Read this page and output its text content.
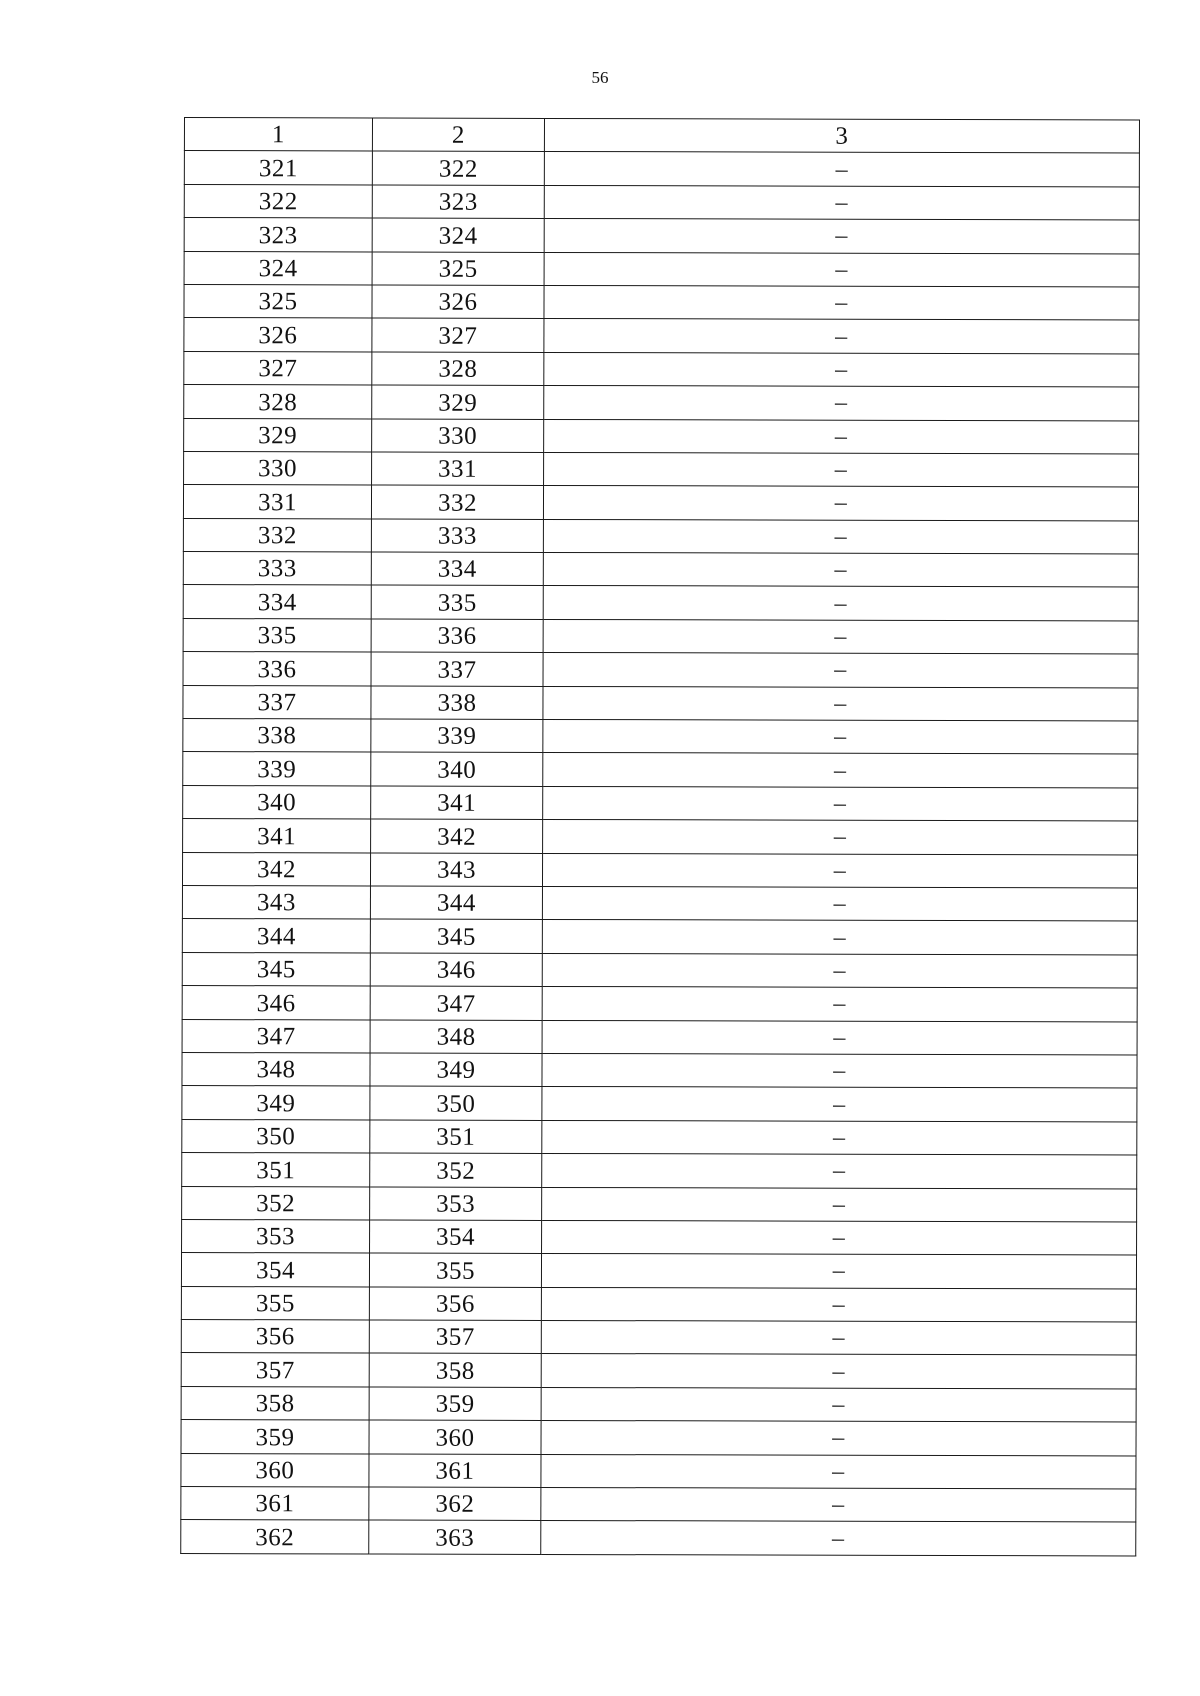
56
1	2	3
321	322	–
322	323	–
323	324	–
324	325	–
325	326	–
326	327	–
327	328	–
328	329	–
329	330	–
330	331	–
331	332	–
332	333	–
333	334	–
334	335	–
335	336	–
336	337	–
337	338	–
338	339	–
339	340	–
340	341	–
341	342	–
342	343	–
343	344	–
344	345	–
345	346	–
346	347	–
347	348	–
348	349	–
349	350	–
350	351	–
351	352	–
352	353	–
353	354	–
354	355	–
355	356	–
356	357	–
357	358	–
358	359	–
359	360	–
360	361	–
361	362	–
362	363	–
